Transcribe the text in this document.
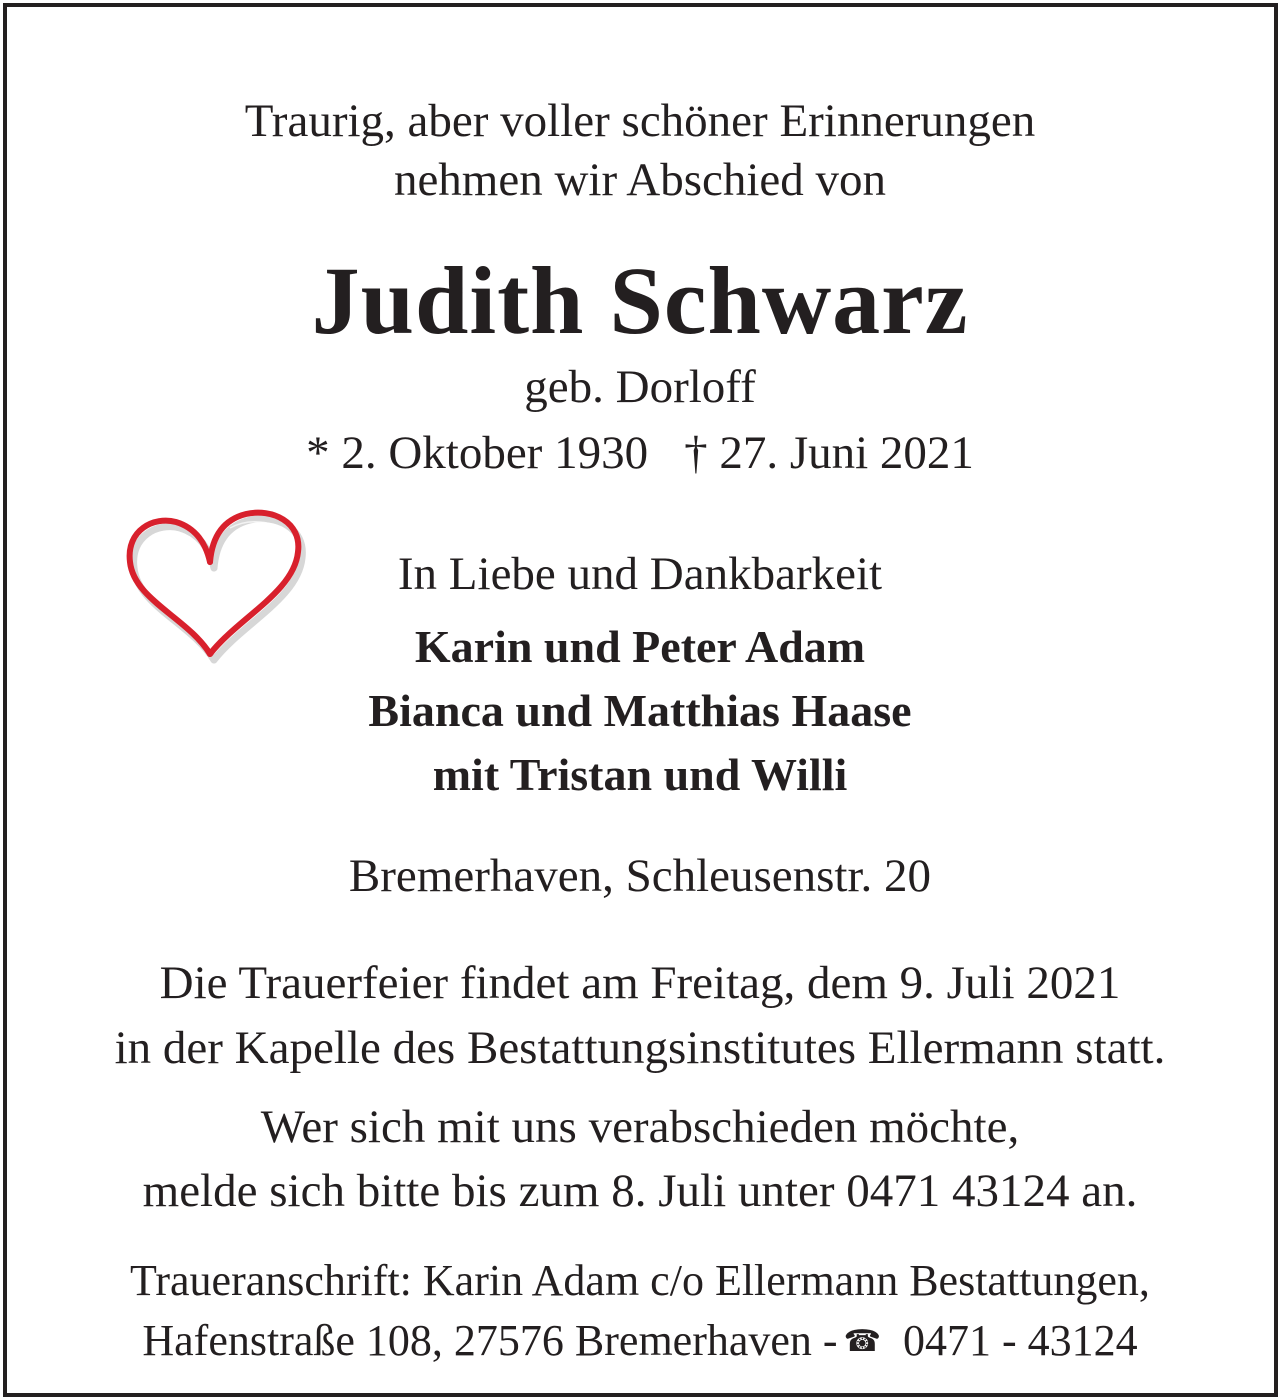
Traurig, aber voller schöner Erinnerungen
nehmen wir Abschied von
Judith Schwarz
geb. Dorloff
* 2. Oktober 1930 † 27. Juni 2021
In Liebe und Dankbarkeit
Karin und Peter Adam
Bianca und Matthias Haase
mit Tristan und Willi
Bremerhaven, Schleusenstr. 20
Die Trauerfeier findet am Freitag, dem 9. Juli 2021
in der Kapelle des Bestattungsinstitutes Ellermann statt.
Wer sich mit uns verabschieden möchte,
melde sich bitte bis zum 8. Juli unter 0471 43124 an.
Traueranschrift: Karin Adam c/o Ellermann Bestattungen,
Hafenstraße 108, 27576 Bremerhaven -☎ 0471 - 43124
